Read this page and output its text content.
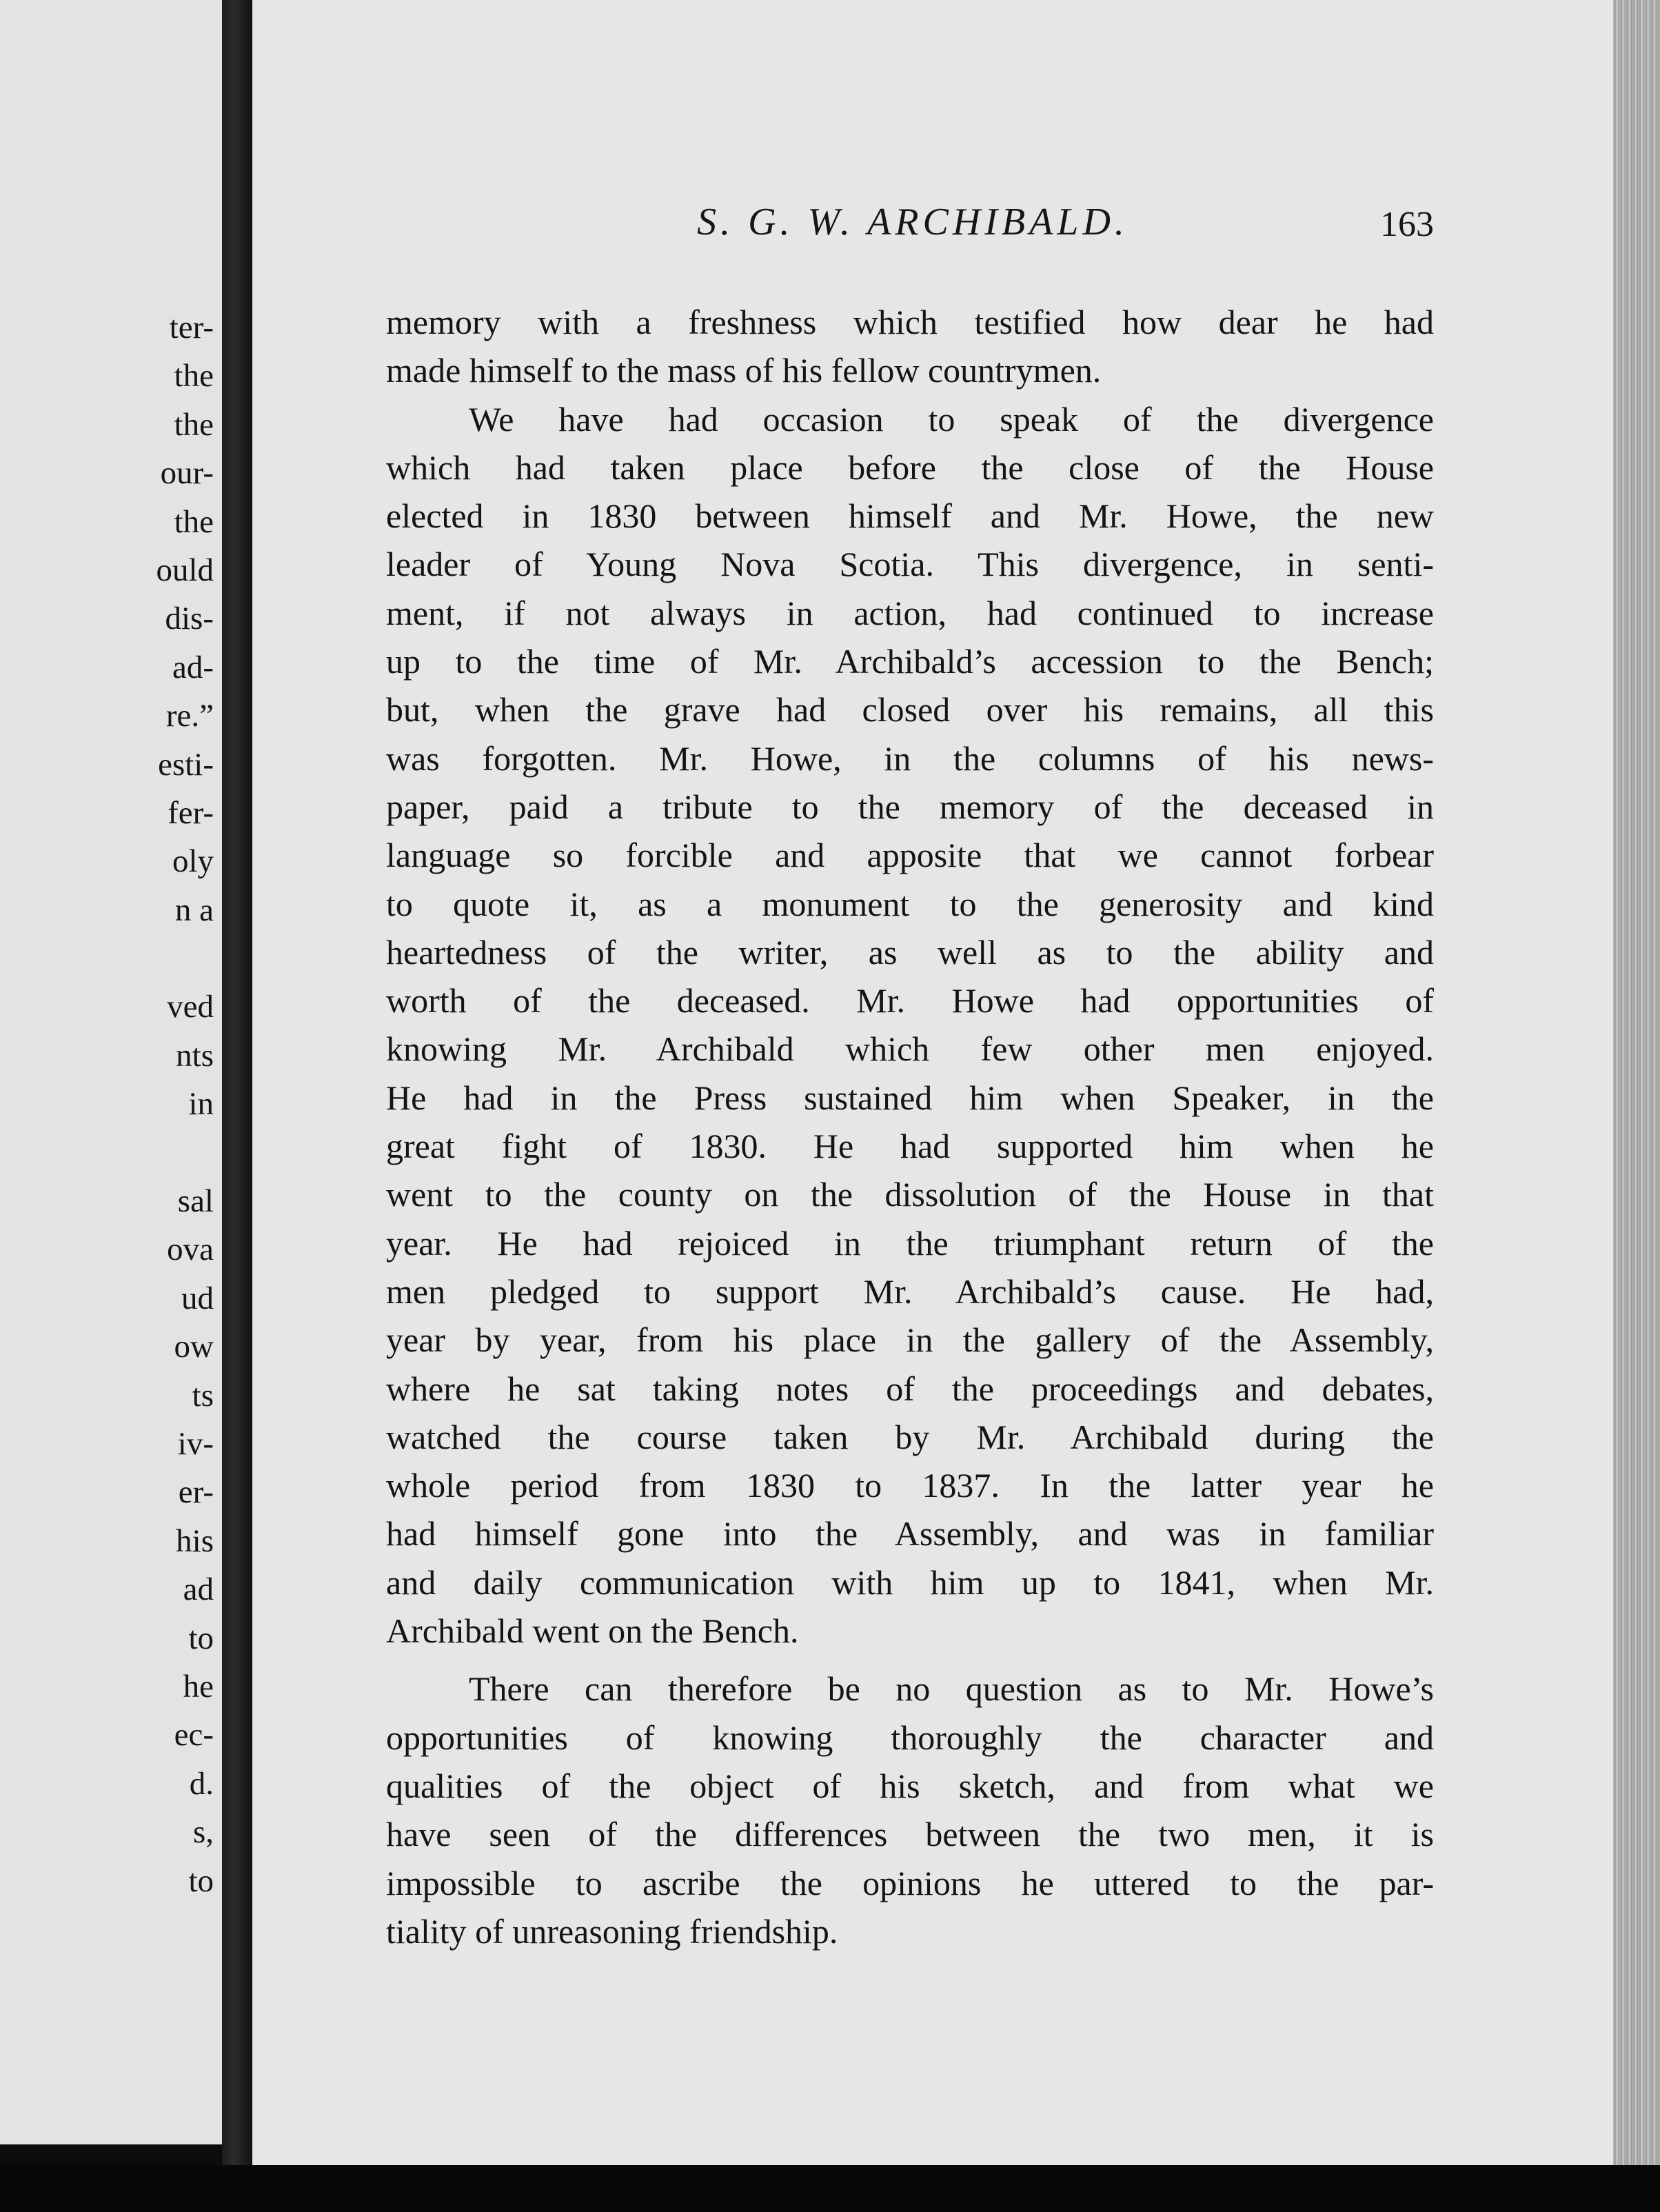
ter-
the
the
our-
the
ould
dis-
ad-
re.”
esti-
fer-
oly
n a
ved
nts
in
sal
ova
ud
ow
ts
iv-
er-
his
ad
to
he
ec-
d.
s,
to
S. G. W. ARCHIBALD.	163
memory with a freshness which testified how dear he had
made himself to the mass of his fellow countrymen.
We have had occasion to speak of the divergence
which had taken place before the close of the House
elected in 1830 between himself and Mr. Howe, the new
leader of Young Nova Scotia. This divergence, in senti-
ment, if not always in action, had continued to increase
up to the time of Mr. Archibald’s accession to the Bench;
but, when the grave had closed over his remains, all this
was forgotten. Mr. Howe, in the columns of his news-
paper, paid a tribute to the memory of the deceased in
language so forcible and apposite that we cannot forbear
to quote it, as a monument to the generosity and kind
heartedness of the writer, as well as to the ability and
worth of the deceased. Mr. Howe had opportunities of
knowing Mr. Archibald which few other men enjoyed.
He had in the Press sustained him when Speaker, in the
great fight of 1830. He had supported him when he
went to the county on the dissolution of the House in that
year. He had rejoiced in the triumphant return of the
men pledged to support Mr. Archibald’s cause. He had,
year by year, from his place in the gallery of the Assembly,
where he sat taking notes of the proceedings and debates,
watched the course taken by Mr. Archibald during the
whole period from 1830 to 1837. In the latter year he
had himself gone into the Assembly, and was in familiar
and daily communication with him up to 1841, when Mr.
Archibald went on the Bench.
There can therefore be no question as to Mr. Howe’s
opportunities of knowing thoroughly the character and
qualities of the object of his sketch, and from what we
have seen of the differences between the two men, it is
impossible to ascribe the opinions he uttered to the par-
tiality of unreasoning friendship.
